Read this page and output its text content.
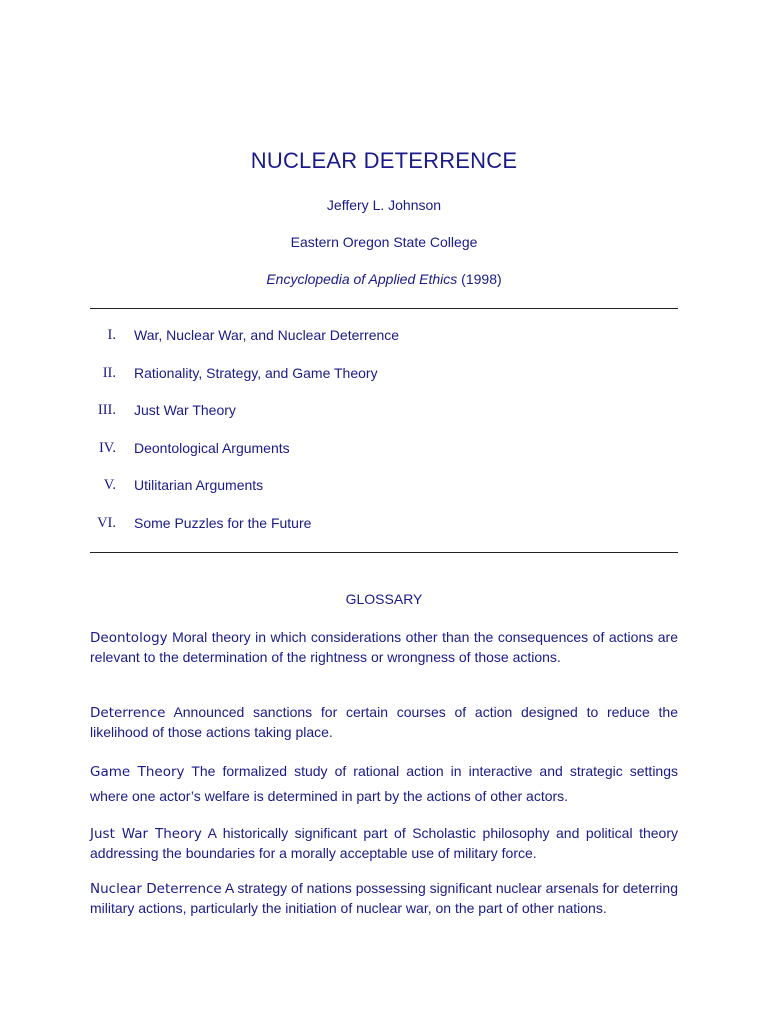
NUCLEAR DETERRENCE
Jeffery L. Johnson
Eastern Oregon State College
Encyclopedia of Applied Ethics (1998)
I. War, Nuclear War, and Nuclear Deterrence
II. Rationality, Strategy, and Game Theory
III. Just War Theory
IV. Deontological Arguments
V. Utilitarian Arguments
VI. Some Puzzles for the Future
GLOSSARY

Deontology Moral theory in which considerations other than the consequences of actions are relevant to the determination of the rightness or wrongness of those actions.

Deterrence Announced sanctions for certain courses of action designed to reduce the likelihood of those actions taking place.

Game Theory The formalized study of rational action in interactive and strategic settings where one actor’s welfare is determined in part by the actions of other actors.

Just War Theory A historically significant part of Scholastic philosophy and political theory addressing the boundaries for a morally acceptable use of military force.

Nuclear Deterrence A strategy of nations possessing significant nuclear arsenals for deterring military actions, particularly the initiation of nuclear war, on the part of other nations.
